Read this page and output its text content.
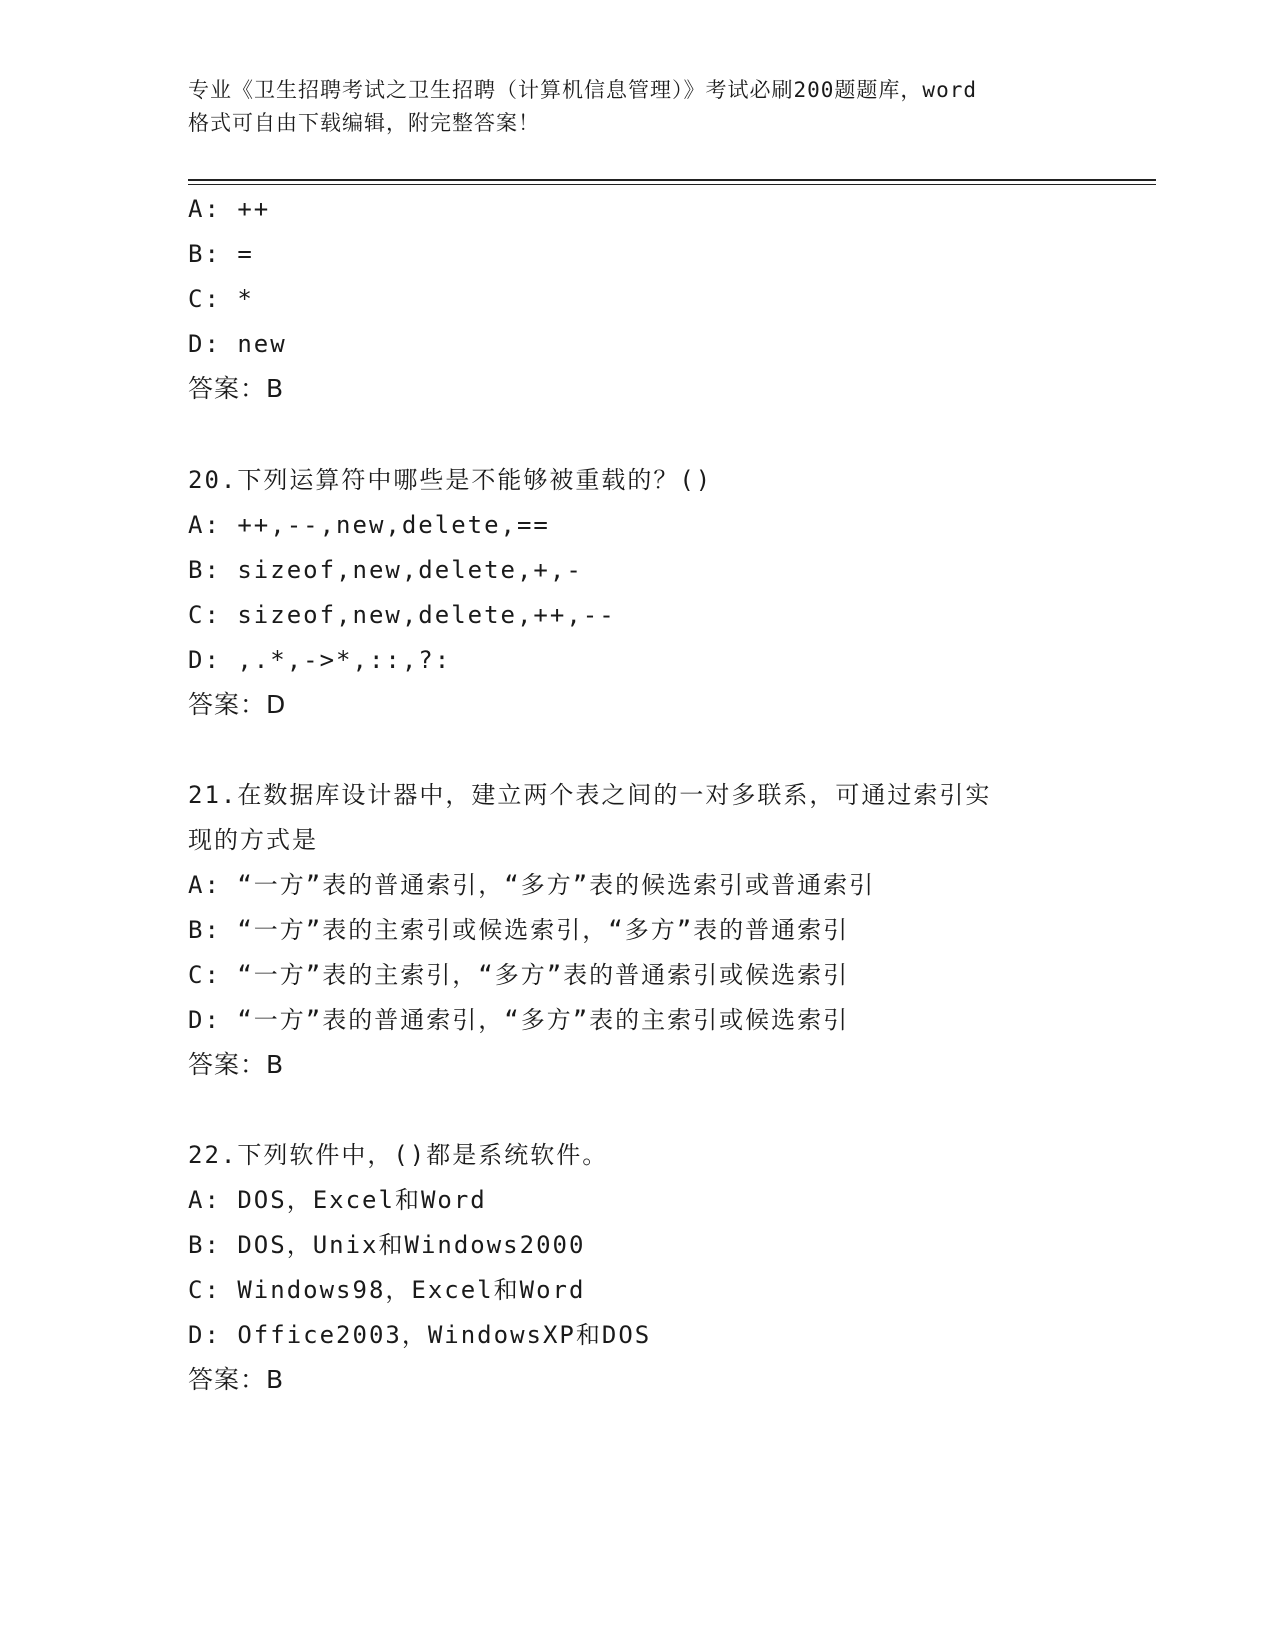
专业《卫生招聘考试之卫生招聘（计算机信息管理）》考试必刷200题题库，word
格式可自由下载编辑，附完整答案！
A: ++
B: =
C: *
D: new
答案：B
20.下列运算符中哪些是不能够被重载的？()
A: ++,--,new,delete,==
B: sizeof,new,delete,+,-
C: sizeof,new,delete,++,--
D: ,.*,->*,::,?:
答案：D
21.在数据库设计器中，建立两个表之间的一对多联系，可通过索引实
现的方式是
A: “一方”表的普通索引，“多方”表的候选索引或普通索引
B: “一方”表的主索引或候选索引，“多方”表的普通索引
C: “一方”表的主索引，“多方”表的普通索引或候选索引
D: “一方”表的普通索引，“多方”表的主索引或候选索引
答案：B
22.下列软件中，()都是系统软件。
A: DOS，Excel和Word
B: DOS，Unix和Windows2000
C: Windows98，Excel和Word
D: Office2003，WindowsXP和DOS
答案：B
